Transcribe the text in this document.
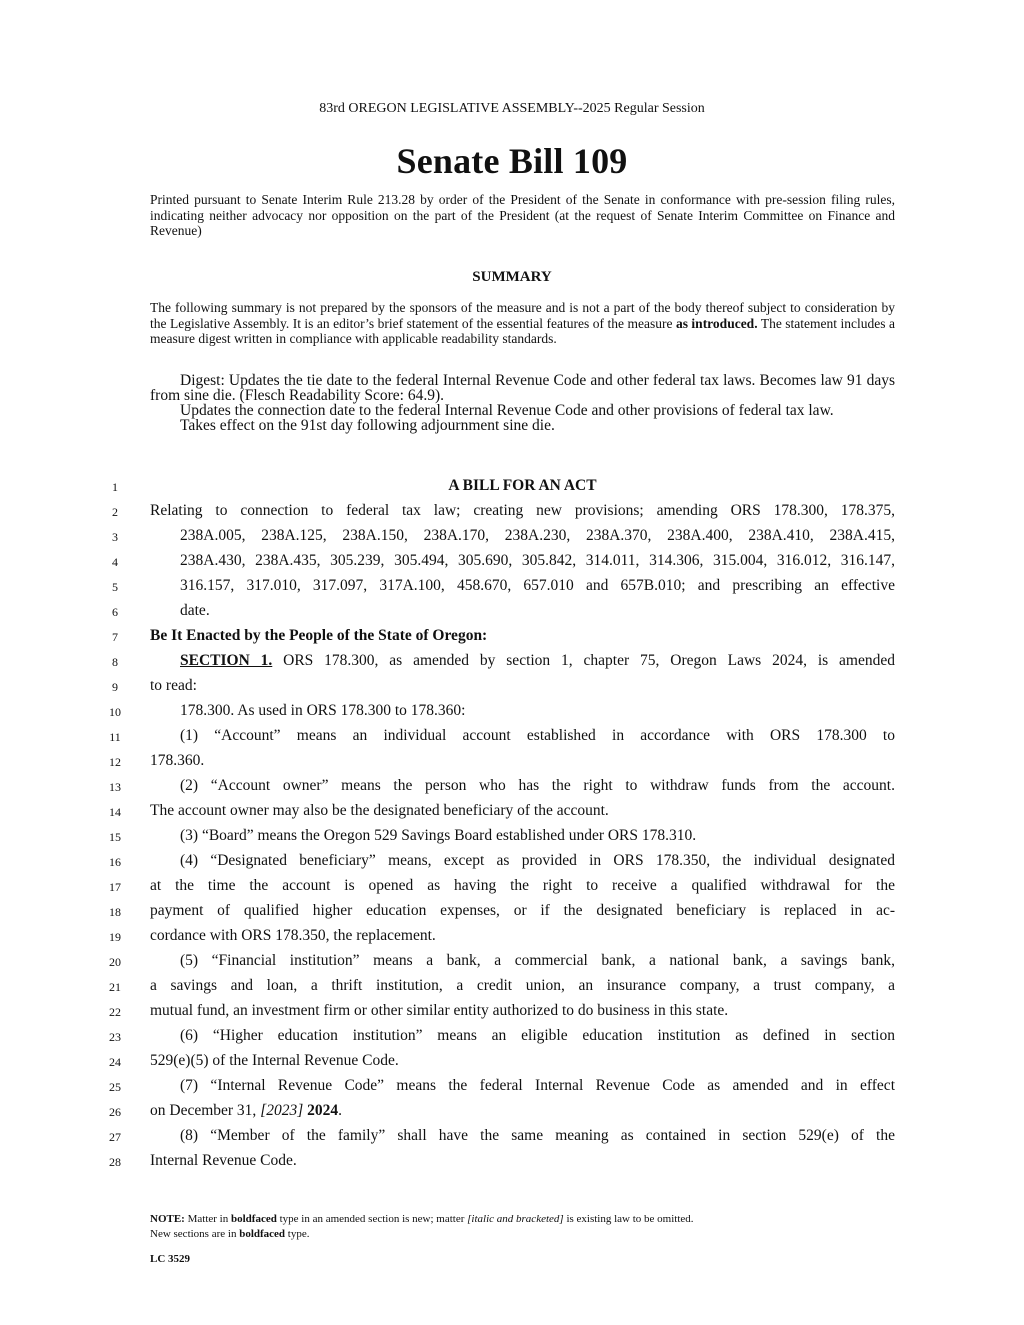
83rd OREGON LEGISLATIVE ASSEMBLY--2025 Regular Session
Senate Bill 109
Printed pursuant to Senate Interim Rule 213.28 by order of the President of the Senate in conformance with pre-session filing rules, indicating neither advocacy nor opposition on the part of the President (at the request of Senate Interim Committee on Finance and Revenue)
SUMMARY
The following summary is not prepared by the sponsors of the measure and is not a part of the body thereof subject to consideration by the Legislative Assembly. It is an editor’s brief statement of the essential features of the measure as introduced. The statement includes a measure digest written in compliance with applicable readability standards.

Digest: Updates the tie date to the federal Internal Revenue Code and other federal tax laws. Becomes law 91 days from sine die. (Flesch Readability Score: 64.9).

Updates the connection date to the federal Internal Revenue Code and other provisions of federal tax law.

Takes effect on the 91st day following adjournment sine die.

1
2
3
4
5
6
7
8
9
10
11
12
13
14
15
16
17
18
19
20
21
22
23
24
25
26
27
28
A BILL FOR AN ACT
Relating to connection to federal tax law; creating new provisions; amending ORS 178.300, 178.375,
238A.005, 238A.125, 238A.150, 238A.170, 238A.230, 238A.370, 238A.400, 238A.410, 238A.415,
238A.430, 238A.435, 305.239, 305.494, 305.690, 305.842, 314.011, 314.306, 315.004, 316.012, 316.147,
316.157, 317.010, 317.097, 317A.100, 458.670, 657.010 and 657B.010; and prescribing an effective
date.
Be It Enacted by the People of the State of Oregon:
SECTION 1. ORS 178.300, as amended by section 1, chapter 75, Oregon Laws 2024, is amended
to read:
178.300. As used in ORS 178.300 to 178.360:
(1) “Account” means an individual account established in accordance with ORS 178.300 to
178.360.
(2) “Account owner” means the person who has the right to withdraw funds from the account.
The account owner may also be the designated beneficiary of the account.
(3) “Board” means the Oregon 529 Savings Board established under ORS 178.310.
(4) “Designated beneficiary” means, except as provided in ORS 178.350, the individual designated
at the time the account is opened as having the right to receive a qualified withdrawal for the
payment of qualified higher education expenses, or if the designated beneficiary is replaced in ac-
cordance with ORS 178.350, the replacement.
(5) “Financial institution” means a bank, a commercial bank, a national bank, a savings bank,
a savings and loan, a thrift institution, a credit union, an insurance company, a trust company, a
mutual fund, an investment firm or other similar entity authorized to do business in this state.
(6) “Higher education institution” means an eligible education institution as defined in section
529(e)(5) of the Internal Revenue Code.
(7) “Internal Revenue Code” means the federal Internal Revenue Code as amended and in effect
on December 31, [2023] 2024.
(8) “Member of the family” shall have the same meaning as contained in section 529(e) of the
Internal Revenue Code.
NOTE: Matter in boldfaced type in an amended section is new; matter [italic and bracketed] is existing law to be omitted.
New sections are in boldfaced type.
LC 3529
